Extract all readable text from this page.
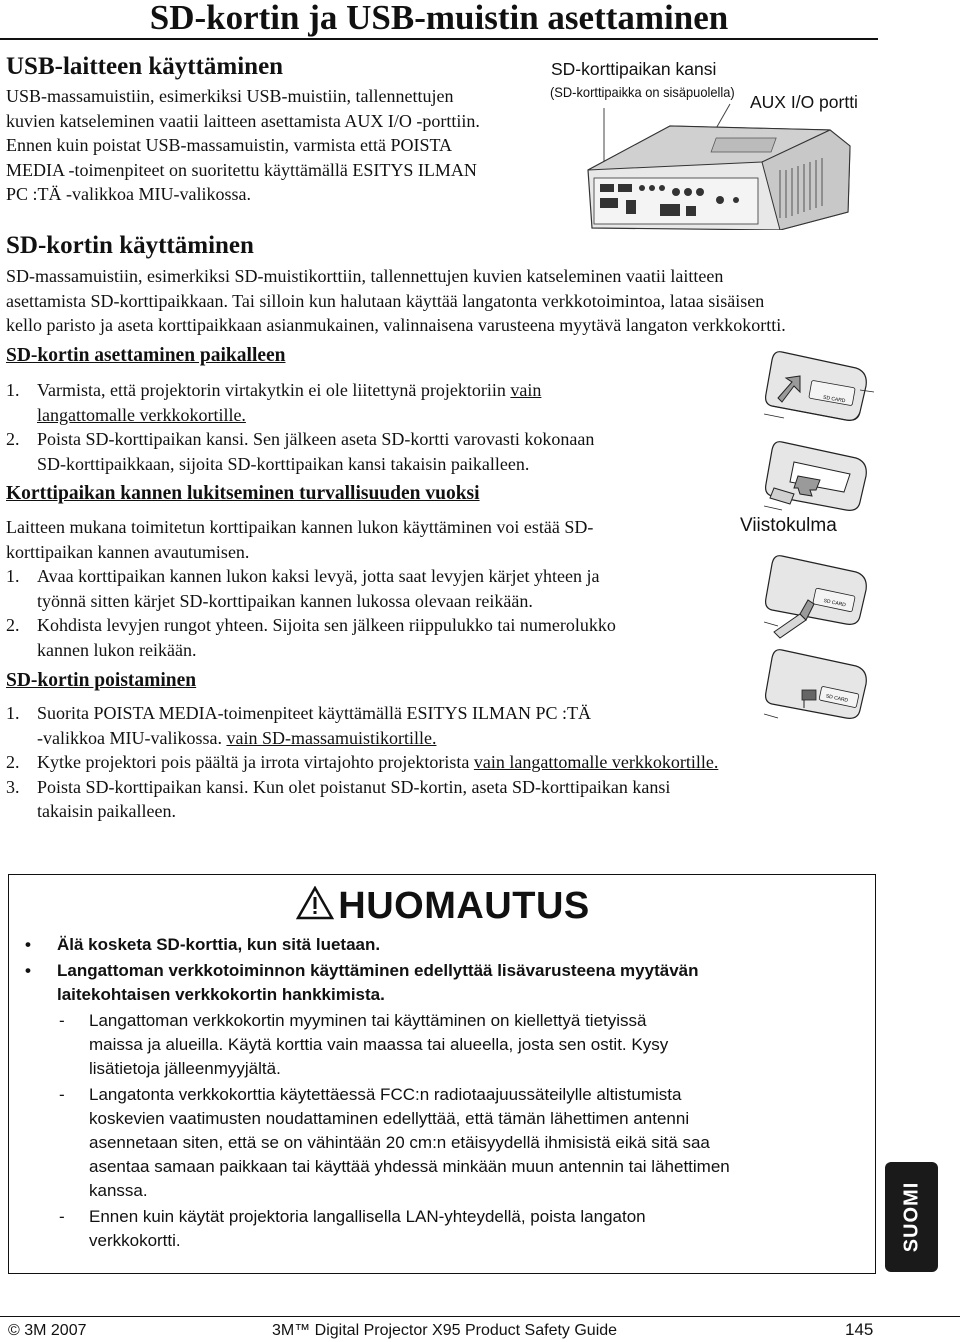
SD-kortin ja USB-muistin asettaminen
USB-laitteen käyttäminen
USB-massamuistiin, esimerkiksi USB-muistiin, tallennettujen
kuvien katseleminen vaatii laitteen asettamista AUX I/O -porttiin.
Ennen kuin poistat USB-massamuistin, varmista että POISTA
MEDIA -toimenpiteet on suoritettu käyttämällä ESITYS ILMAN
PC :TÄ -valikkoa MIU-valikossa.
SD-korttipaikan kansi
(SD-korttipaikka on sisäpuolella) AUX I/O portti
SD-kortin käyttäminen
SD-massamuistiin, esimerkiksi SD-muistikorttiin, tallennettujen kuvien katseleminen vaatii laitteen
asettamista SD-korttipaikkaan. Tai silloin kun halutaan käyttää langatonta verkkotoimintoa, lataa sisäisen
kello paristo ja aseta korttipaikkaan asianmukainen, valinnaisena varusteena myytävä langaton verkkokortti.
SD-kortin asettaminen paikalleen
1. Varmista, että projektorin virtakytkin ei ole liitettynä projektoriin vain
langattomalle verkkokortille.
2. Poista SD-korttipaikan kansi. Sen jälkeen aseta SD-kortti varovasti kokonaan
SD-korttipaikkaan, sijoita SD-korttipaikan kansi takaisin paikalleen.
Korttipaikan kannen lukitseminen turvallisuuden vuoksi
Laitteen mukana toimitetun korttipaikan kannen lukon käyttäminen voi estää SD-
korttipaikan kannen avautumisen.
1. Avaa korttipaikan kannen lukon kaksi levyä, jotta saat levyjen kärjet yhteen ja
työnnä sitten kärjet SD-korttipaikan kannen lukossa olevaan reikään.
2. Kohdista levyjen rungot yhteen. Sijoita sen jälkeen riippulukko tai numerolukko
kannen lukon reikään.
Viistokulma
SD CARD
SD CARD
SD CARD
SD-kortin poistaminen
1. Suorita POISTA MEDIA-toimenpiteet käyttämällä ESITYS ILMAN PC :TÄ
-valikkoa MIU-valikossa. vain SD-massamuistikortille.
2. Kytke projektori pois päältä ja irrota virtajohto projektorista vain langattomalle verkkokortille.
3. Poista SD-korttipaikan kansi. Kun olet poistanut SD-kortin, aseta SD-korttipaikan kansi
takaisin paikalleen.
HUOMAUTUS
• Älä kosketa SD-korttia, kun sitä luetaan.
• Langattoman verkkotoiminnon käyttäminen edellyttää lisävarusteena myytävän
laitekohtaisen verkkokortin hankkimista.
- Langattoman verkkokortin myyminen tai käyttäminen on kiellettyä tietyissä
maissa ja alueilla. Käytä korttia vain maassa tai alueella, josta sen ostit. Kysy
lisätietoja jälleenmyyjältä.
- Langatonta verkkokorttia käytettäessä FCC:n radiotaajuussäteilylle altistumista
koskevien vaatimusten noudattaminen edellyttää, että tämän lähettimen antenni
asennetaan siten, että se on vähintään 20 cm:n etäisyydellä ihmisistä eikä sitä saa
asentaa samaan paikkaan tai käyttää yhdessä minkään muun antennin tai lähettimen
kanssa.
- Ennen kuin käytät projektoria langallisella LAN-yhteydellä, poista langaton
verkkokortti.	SUOMI
© 3M 2007	3M™ Digital Projector X95 Product Safety Guide	145
